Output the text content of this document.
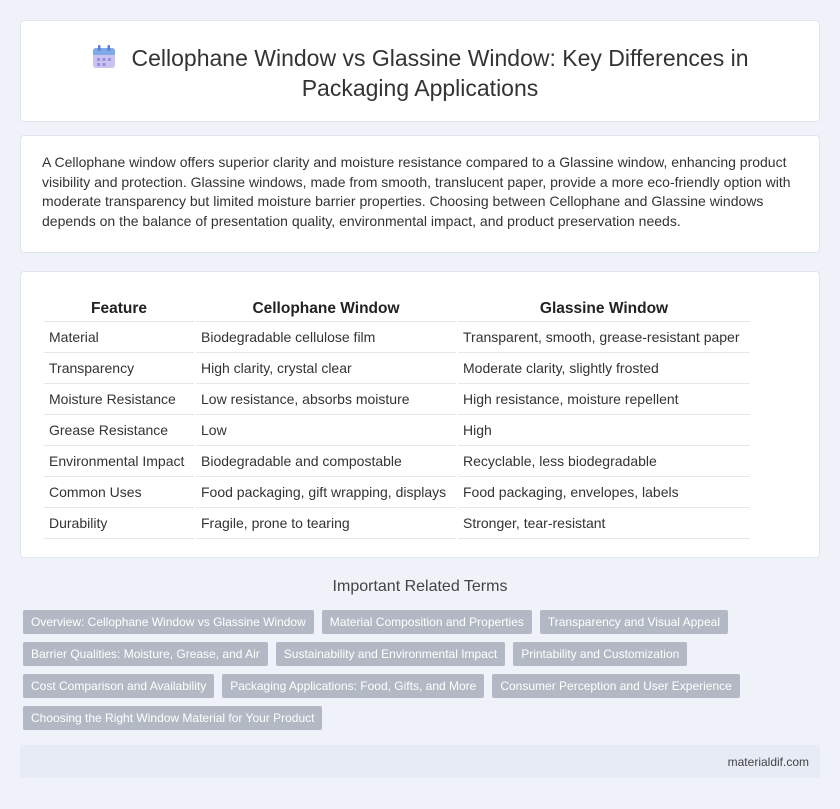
Cellophane Window vs Glassine Window: Key Differences in Packaging Applications

A Cellophane window offers superior clarity and moisture resistance compared to a Glassine window, enhancing product visibility and protection. Glassine windows, made from smooth, translucent paper, provide a more eco-friendly option with moderate transparency but limited moisture barrier properties. Choosing between Cellophane and Glassine windows depends on the balance of presentation quality, environmental impact, and product preservation needs.

Feature	Cellophane Window	Glassine Window
Material	Biodegradable cellulose film	Transparent, smooth, grease-resistant paper
Transparency	High clarity, crystal clear	Moderate clarity, slightly frosted
Moisture Resistance	Low resistance, absorbs moisture	High resistance, moisture repellent
Grease Resistance	Low	High
Environmental Impact	Biodegradable and compostable	Recyclable, less biodegradable
Common Uses	Food packaging, gift wrapping, displays	Food packaging, envelopes, labels
Durability	Fragile, prone to tearing	Stronger, tear-resistant
Important Related Terms
Overview: Cellophane Window vs Glassine Window	Material Composition and Properties	Transparency and Visual Appeal
Barrier Qualities: Moisture, Grease, and Air	Sustainability and Environmental Impact	Printability and Customization
Cost Comparison and Availability	Packaging Applications: Food, Gifts, and More	Consumer Perception and User Experience
Choosing the Right Window Material for Your Product
materialdif.com
